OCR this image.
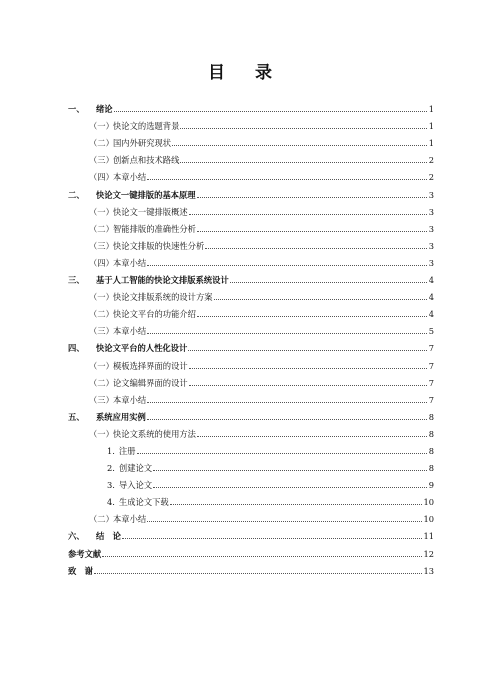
目 录
一、	绪论	1
（一） 快论文的选题背景	1
（二） 国内外研究现状	1
（三） 创新点和技术路线	2
（四） 本章小结	2
二、	快论文一键排版的基本原理	3
（一） 快论文一键排版概述	3
（二） 智能排版的准确性分析	3
（三） 快论文排版的快速性分析	3
（四） 本章小结	3
三、	基于人工智能的快论文排版系统设计	4
（一） 快论文排版系统的设计方案	4
（二） 快论文平台的功能介绍	4
（三） 本章小结	5
四、	快论文平台的人性化设计	7
（一） 模板选择界面的设计	7
（二） 论文编辑界面的设计	7
（三） 本章小结	7
五、	系统应用实例	8
（一） 快论文系统的使用方法	8
1. 注册	8
2. 创建论文	8
3. 导入论文	9
4. 生成论文下载	10
（二） 本章小结	10
六、	结　论	11
参考文献	12
致　谢	13
